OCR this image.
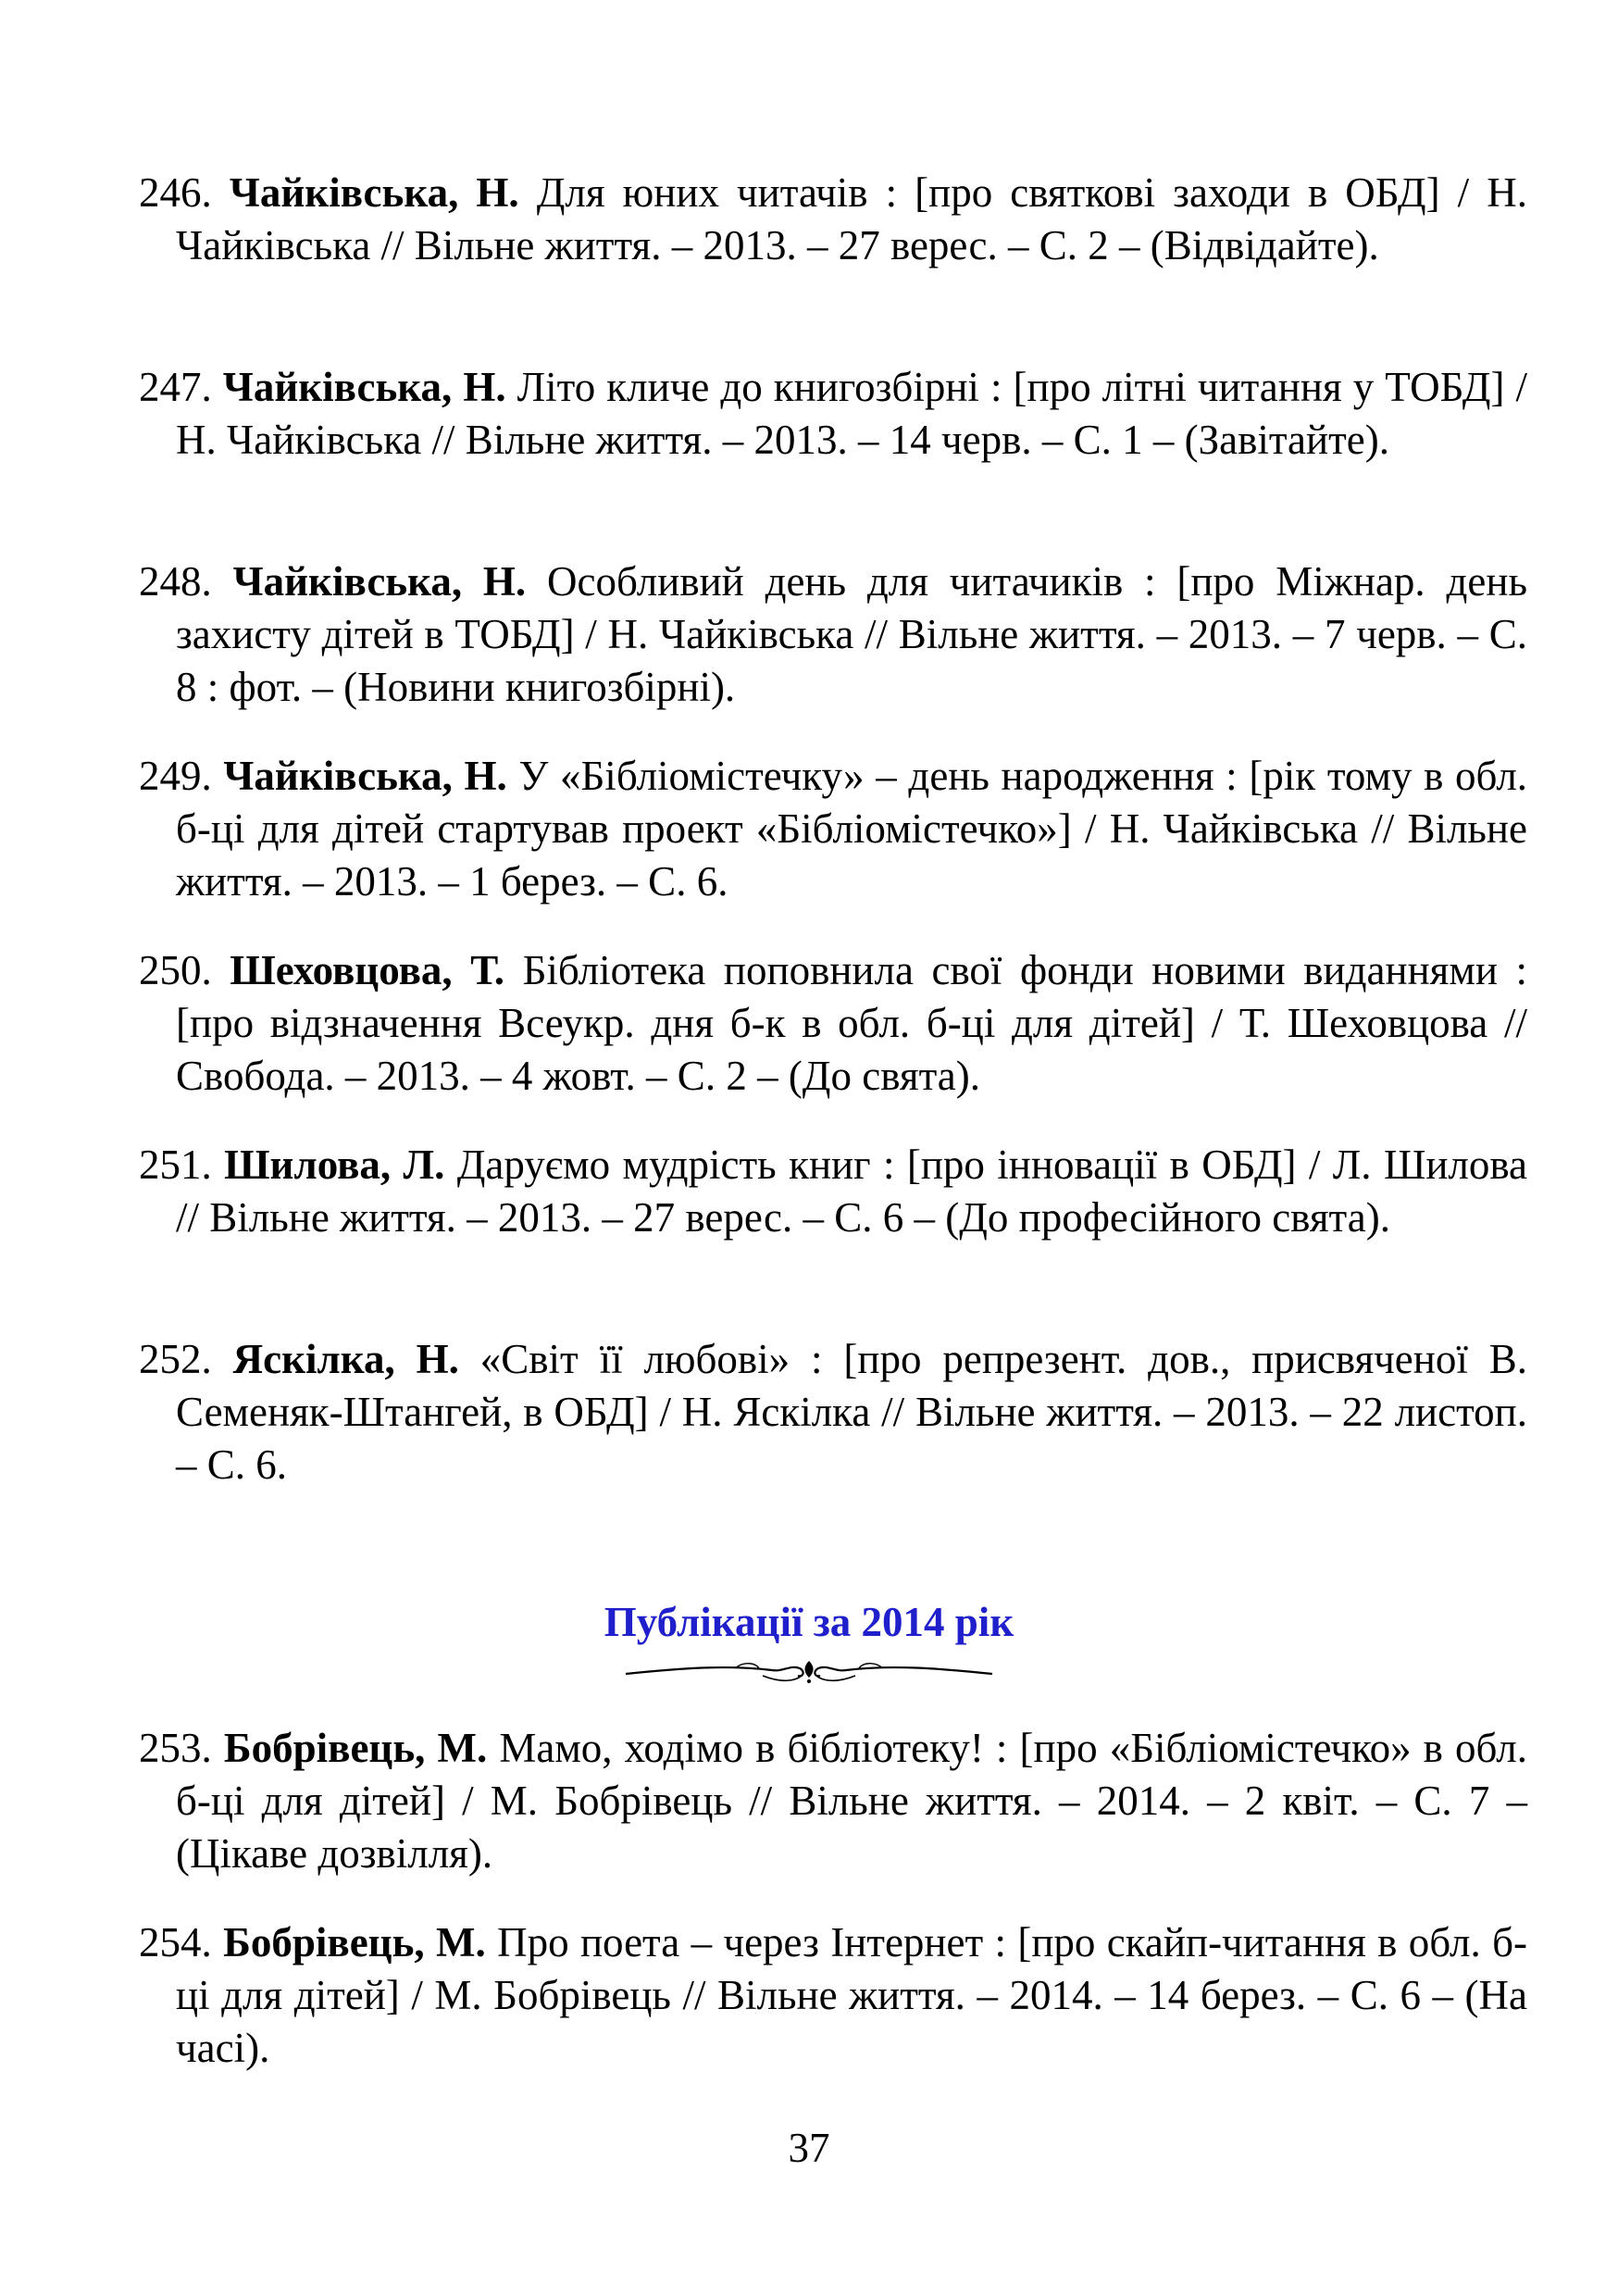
246. Чайківська, Н. Для юних читачів : [про святкові заходи в ОБД] / Н. Чайківська // Вільне життя. – 2013. – 27 верес. – С. 2 – (Відвідайте).
247. Чайківська, Н. Літо кличе до книгозбірні : [про літні читання у ТОБД] / Н. Чайківська // Вільне життя. – 2013. – 14 черв. – С. 1 – (Завітайте).
248. Чайківська, Н. Особливий день для читачиків : [про Міжнар. день захисту дітей в ТОБД] / Н. Чайківська // Вільне життя. – 2013. – 7 черв. – С. 8 : фот. – (Новини книгозбірні).
249. Чайківська, Н. У «Бібліомістечку» – день народження : [рік тому в обл. б-ці для дітей стартував проект «Бібліомістечко»] / Н. Чайківська // Вільне життя. – 2013. – 1 берез. – С. 6.
250. Шеховцова, Т. Бібліотека поповнила свої фонди новими виданнями : [про відзначення Всеукр. дня б-к в обл. б-ці для дітей] / Т. Шеховцова // Свобода. – 2013. – 4 жовт. – С. 2 – (До свята).
251. Шилова, Л. Даруємо мудрість книг : [про інновації в ОБД] / Л. Шилова // Вільне життя. – 2013. – 27 верес. – С. 6 – (До професійного свята).
252. Яскілка, Н. «Світ її любові» : [про репрезент. дов., присвяченої В. Семеняк-Штангей, в ОБД] / Н. Яскілка // Вільне життя. – 2013. – 22 листоп. – С. 6.
Публікації за 2014 рік
253. Бобрівець, М. Мамо, ходімо в бібліотеку! : [про «Бібліомістечко» в обл. б-ці для дітей] / М. Бобрівець // Вільне життя. – 2014. – 2 квіт. – С. 7 – (Цікаве дозвілля).
254. Бобрівець, М. Про поета – через Інтернет : [про скайп-читання в обл. б-ці для дітей] / М. Бобрівець // Вільне життя. – 2014. – 14 берез. – С. 6 – (На часі).
37
